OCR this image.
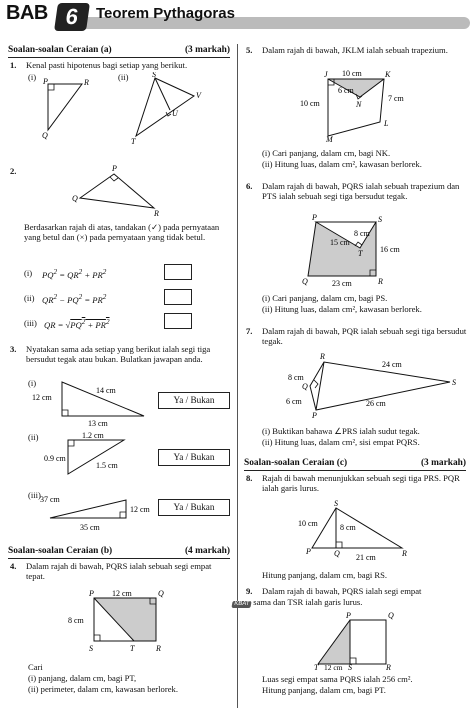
BAB 6	Teorem Pythagoras
Soalan-soalan Ceraian (a)	(3 markah)
1.	Kenal pasti hipotenus bagi setiap yang berikut.
(i)	(ii)
P	R
Q
S
V
U
T
2.	P
Q
R
Berdasarkan rajah di atas, tandakan (✓) pada pernyataan yang betul dan (×) pada pernyataan yang tidak betul.
(i) $PQ^2 = QR^2 + PR^2$
(ii) $QR^2 - PQ^2 = PR^2$
(iii) QR = $√PQ^2 + PR^2$
3.	Nyatakan sama ada setiap yang berikut ialah segi tiga bersudut tegak atau bukan. Bulatkan jawapan anda.
(i)
12 cm
14 cm
13 cm
Ya / Bukan
(ii)	1.2 cm
0.9 cm
1.5 cm
Ya / Bukan
(iii) 37 cm
12 cm
35 cm
Ya / Bukan
Soalan-soalan Ceraian (b)	(4 markah)
4.	Dalam rajah di bawah, PQRS ialah sebuah segi empat tepat.
P	Q
S	T	R
12 cm
8 cm
Cari
(i) panjang, dalam cm, bagi PT,
(ii) perimeter, dalam cm, kawasan berlorek.
5.	Dalam rajah di bawah, JKLM ialah sebuah trapezium.
J	K
L
M
N
10 cm
10 cm
6 cm
7 cm
(i) Cari panjang, dalam cm, bagi NK.
(ii) Hitung luas, dalam cm², kawasan berlorek.
6.	Dalam rajah di bawah, PQRS ialah sebuah trapezium dan PTS ialah sebuah segi tiga bersudut tegak.
P	S
R
Q
T
15 cm
8 cm
16 cm
23 cm
(i) Cari panjang, dalam cm, bagi PS.
(ii) Hitung luas, dalam cm², kawasan berlorek.
7.	Dalam rajah di bawah, PQR ialah sebuah segi tiga bersudut tegak.
R
Q
P
S
8 cm
6 cm
24 cm
26 cm
(i) Buktikan bahawa ∠PRS ialah sudut tegak.
(ii) Hitung luas, dalam cm², sisi empat PQRS.
Soalan-soalan Ceraian (c)	(3 markah)
8.	Rajah di bawah menunjukkan sebuah segi tiga PRS. PQR ialah garis lurus.
S
P	Q	R
10 cm	8 cm
21 cm
Hitung panjang, dalam cm, bagi RS.
9.	Dalam rajah di bawah, PQRS ialah segi empat
KBAT sama dan TSR ialah garis lurus.
P	Q
R
T 12 cm S
Luas segi empat sama PQRS ialah 256 cm².
Hitung panjang, dalam cm, bagi PT.
